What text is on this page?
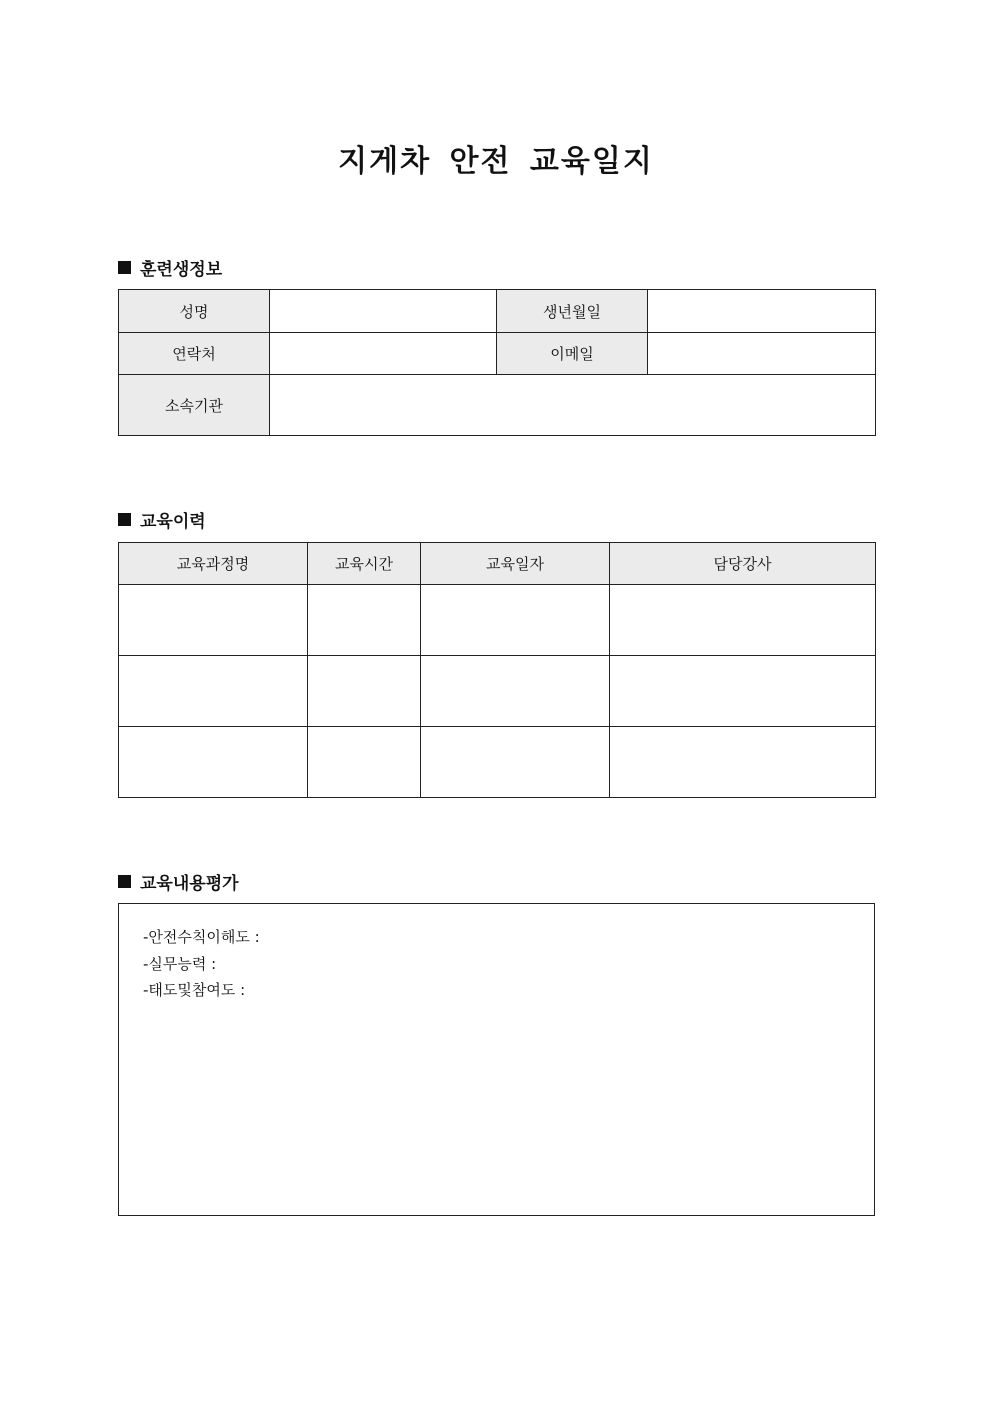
지게차 안전 교육일지
훈련생정보
성명		생년월일	
연락처		이메일	
소속기관			
교육이력
교육과정명	교육시간	교육일자	담당강사

교육내용평가
-안전수칙이해도 :
-실무능력 :
-태도및참여도 :
